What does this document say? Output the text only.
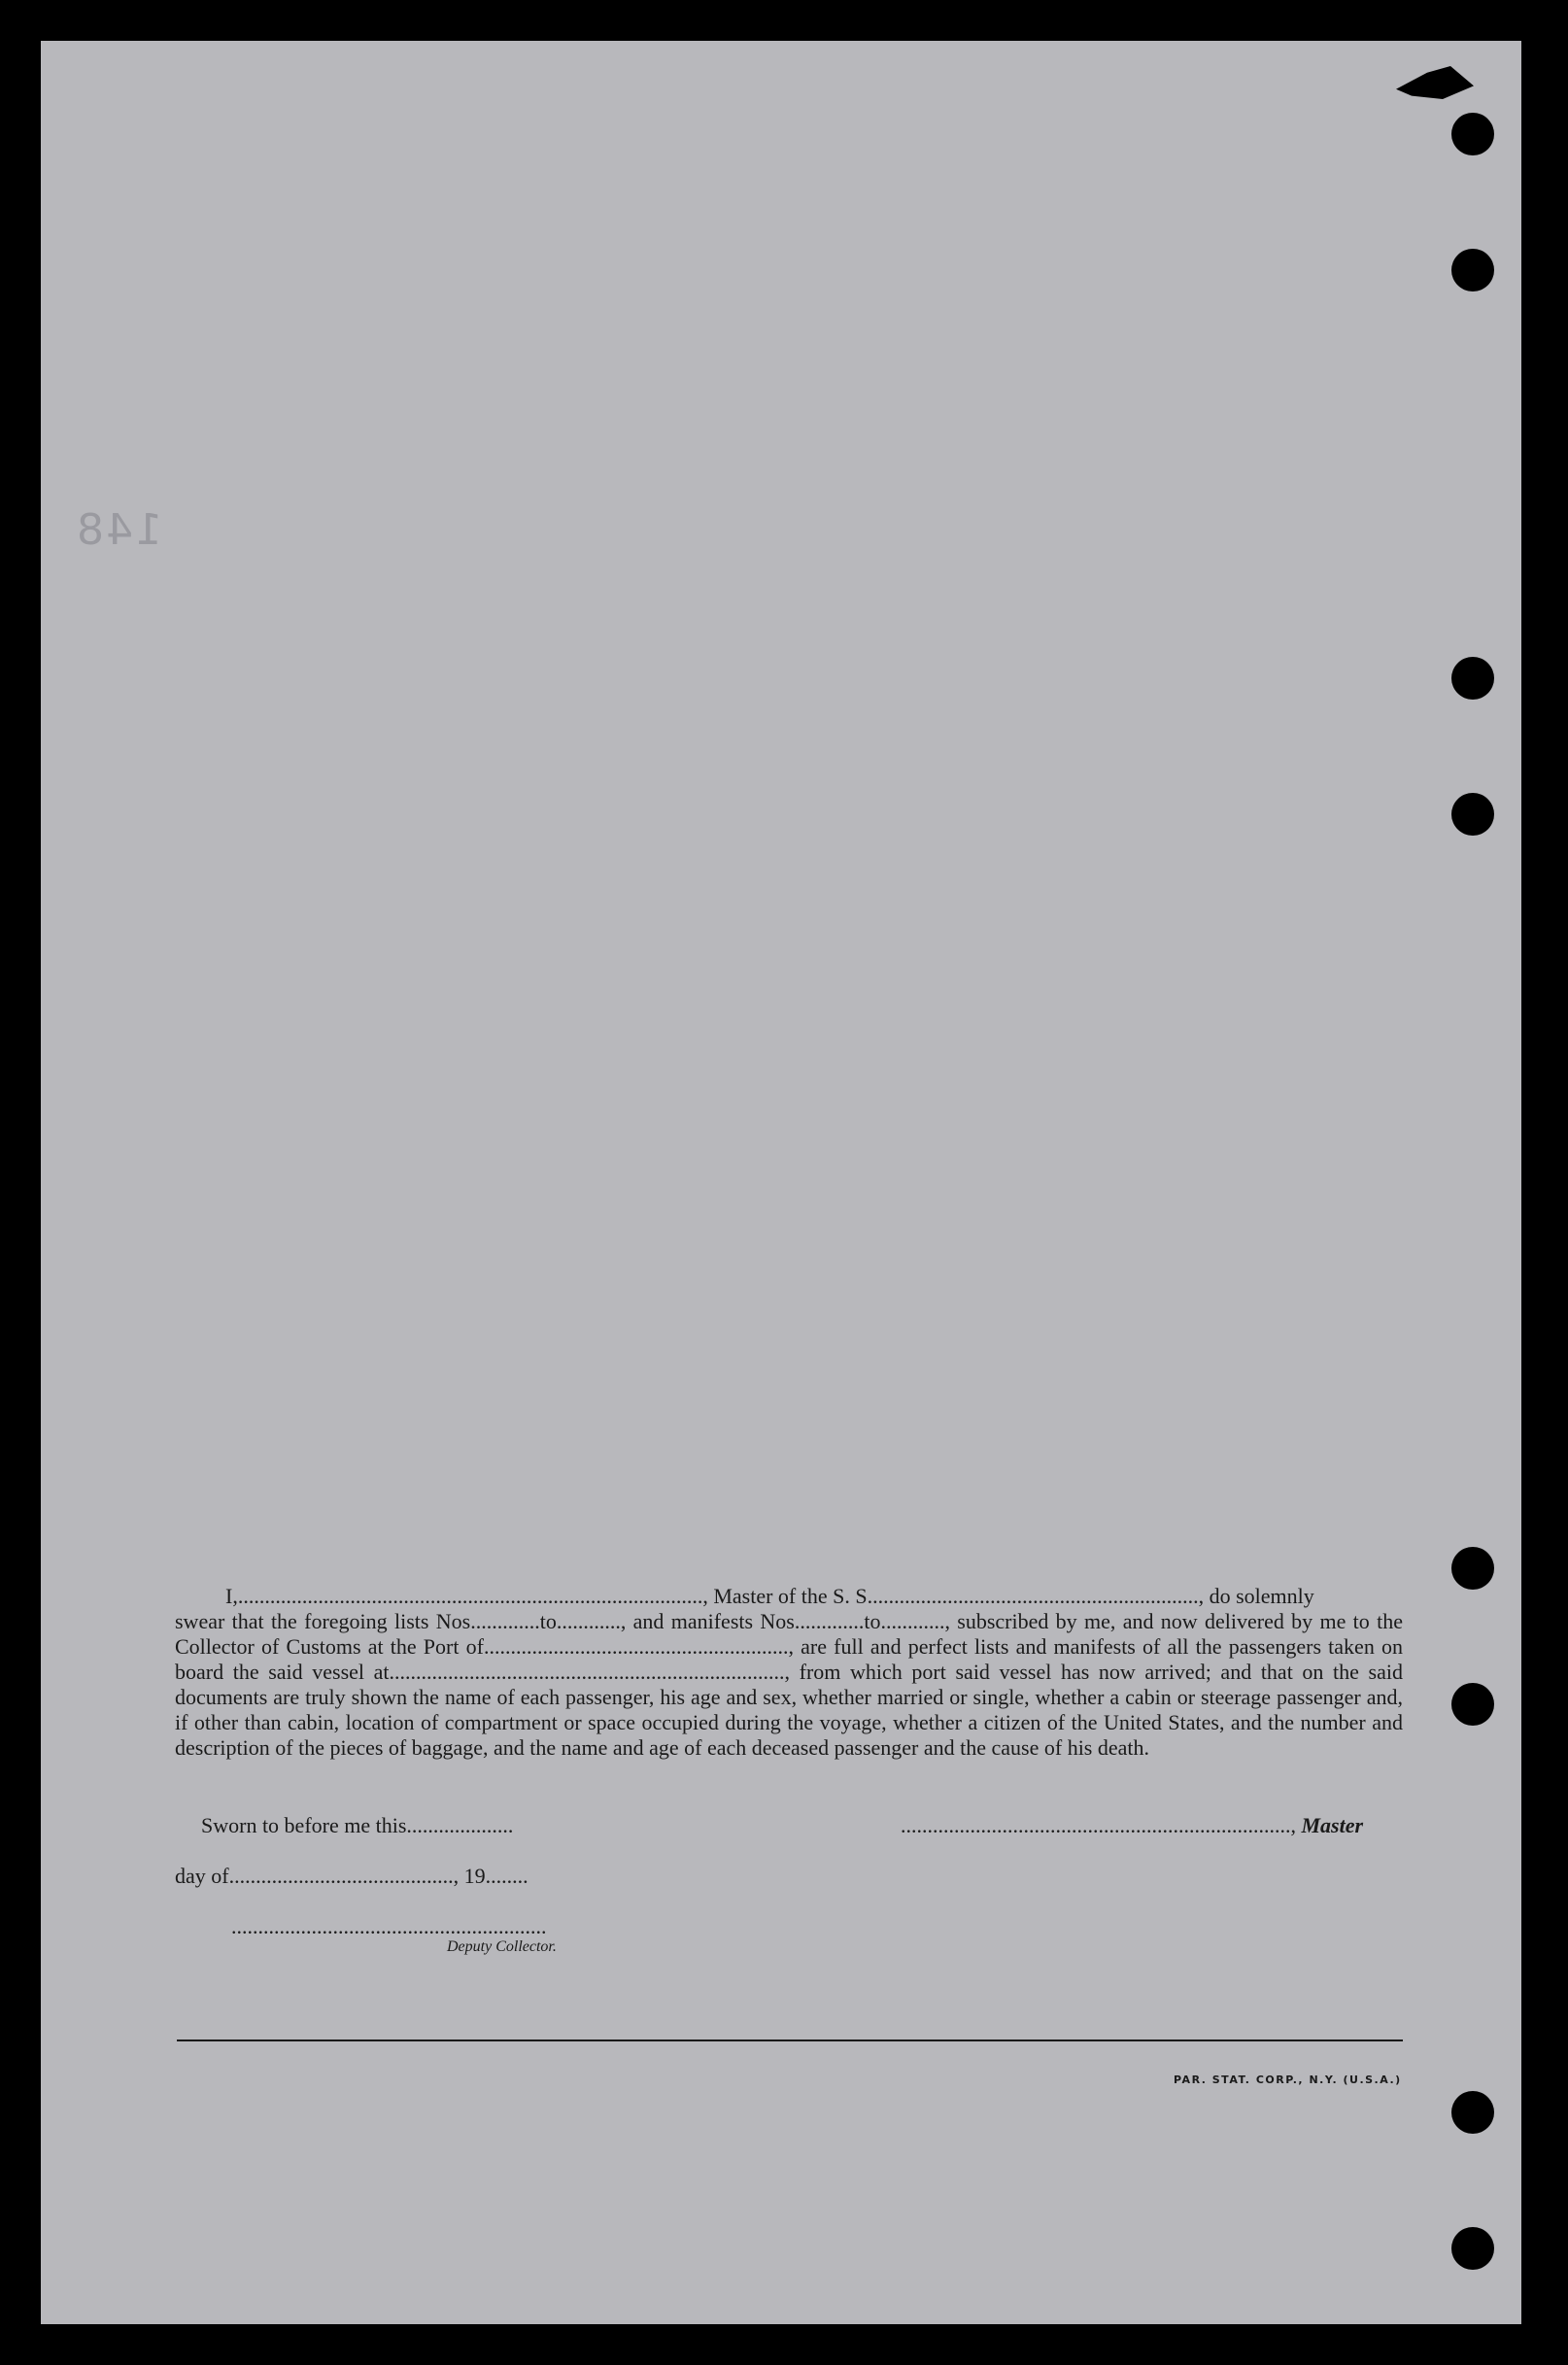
148

I,......................................................................................., Master of the S. S.............................................................., do solemnly

swear that the foregoing lists Nos.............to............, and manifests Nos.............to............, subscribed by me, and now delivered by me to the Collector of Customs at the Port of........................................................., are full and perfect lists and manifests of all the passengers taken on board the said vessel at.........................................................................., from which port said vessel has now arrived; and that on the said documents are truly shown the name of each passenger, his age and sex, whether married or single, whether a cabin or steerage passenger and, if other than cabin, location of compartment or space occupied during the voyage, whether a citizen of the United States, and the number and description of the pieces of baggage, and the name and age of each deceased passenger and the cause of his death.

Sworn to before me this....................	........................................................................., Master
day of.........................................., 19........
...........................................................
Deputy Collector.
PAR. STAT. CORP., N.Y. (U.S.A.)
